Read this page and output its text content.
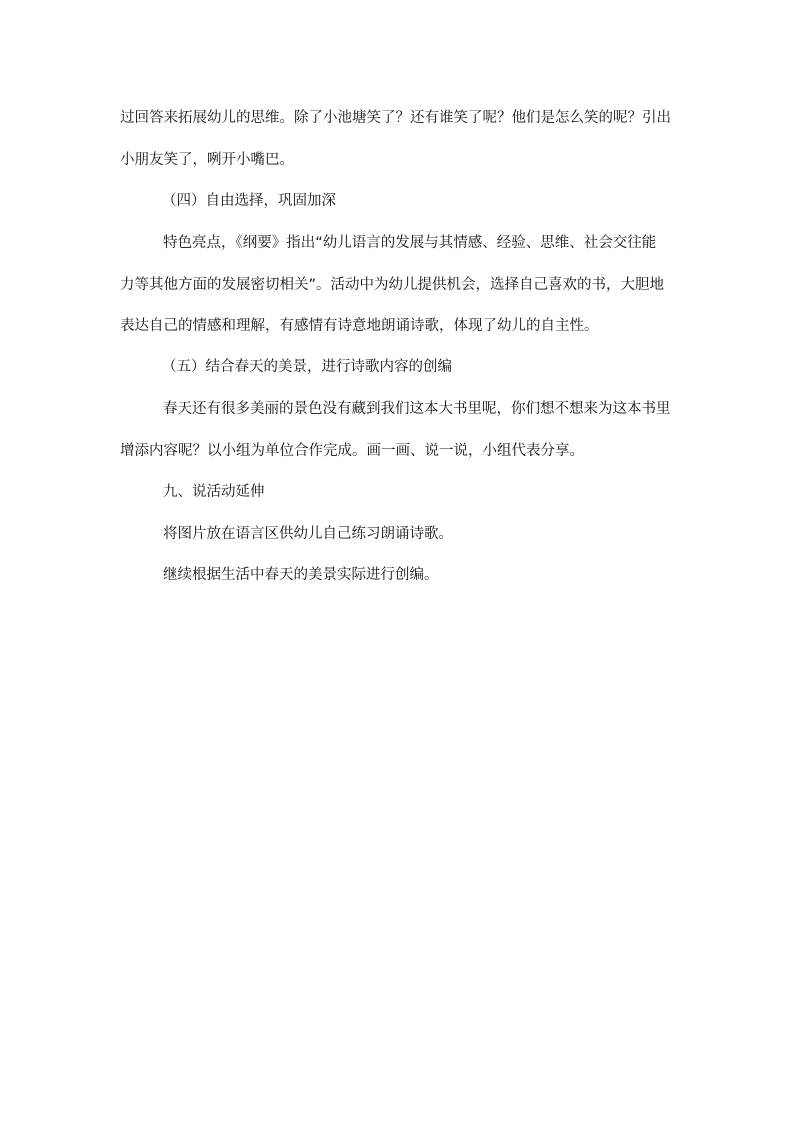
过回答来拓展幼儿的思维。除了小池塘笑了？还有谁笑了呢？他们是怎么笑的呢？引出
小朋友笑了，咧开小嘴巴。
（四）自由选择，巩固加深
特色亮点，《纲要》指出“幼儿语言的发展与其情感、经验、思维、社会交往能
力等其他方面的发展密切相关”。活动中为幼儿提供机会，选择自己喜欢的书，大胆地
表达自己的情感和理解，有感情有诗意地朗诵诗歌，体现了幼儿的自主性。
（五）结合春天的美景，进行诗歌内容的创编
春天还有很多美丽的景色没有藏到我们这本大书里呢，你们想不想来为这本书里
增添内容呢？以小组为单位合作完成。画一画、说一说，小组代表分享。
九、说活动延伸
将图片放在语言区供幼儿自己练习朗诵诗歌。
继续根据生活中春天的美景实际进行创编。
